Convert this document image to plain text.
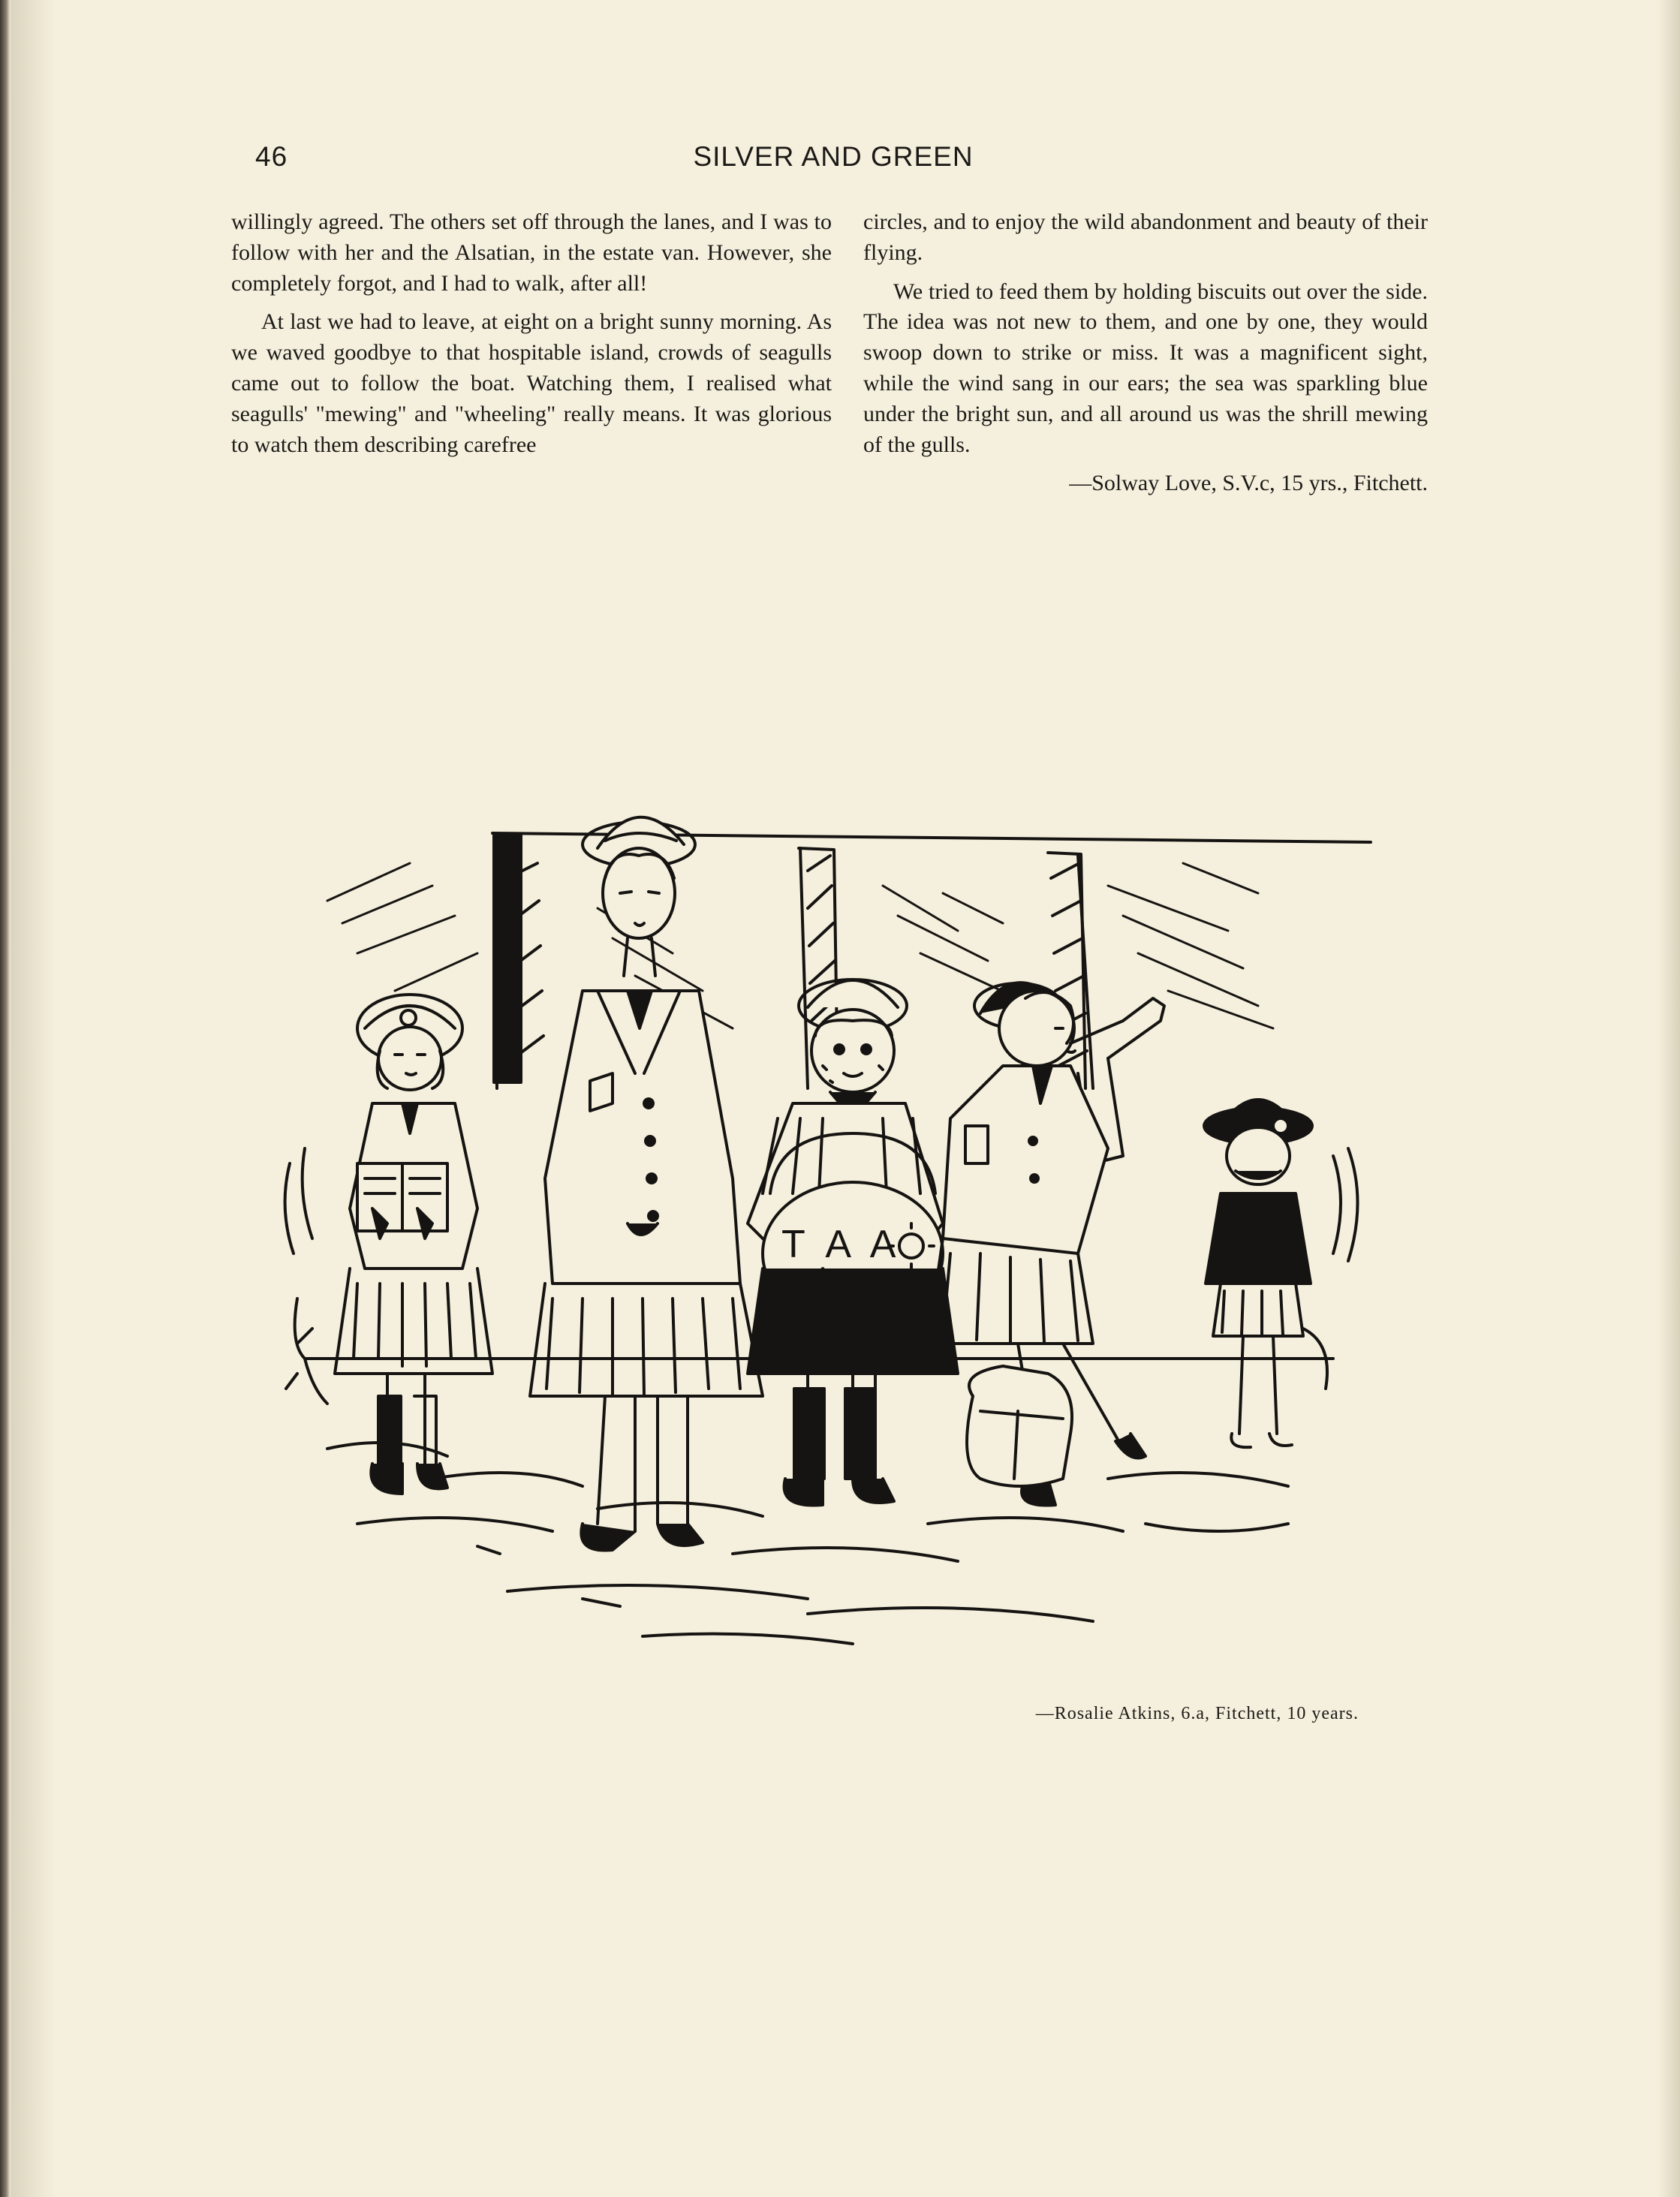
46	SILVER AND GREEN

willingly agreed. The others set off through the lanes, and I was to follow with her and the Alsatian, in the estate van. However, she completely forgot, and I had to walk, after all!

At last we had to leave, at eight on a bright sunny morning. As we waved goodbye to that hospitable island, crowds of seagulls came out to follow the boat. Watching them, I realised what seagulls' "mewing" and "wheeling" really means. It was glorious to watch them describing carefree

circles, and to enjoy the wild abandonment and beauty of their flying.

We tried to feed them by holding biscuits out over the side. The idea was not new to them, and one by one, they would swoop down to strike or miss. It was a magnificent sight, while the wind sang in our ears; the sea was sparkling blue under the bright sun, and all around us was the shrill mewing of the gulls.

—Solway Love, S.V.c, 15 yrs., Fitchett.
T A A
—Rosalie Atkins, 6.a, Fitchett, 10 years.
